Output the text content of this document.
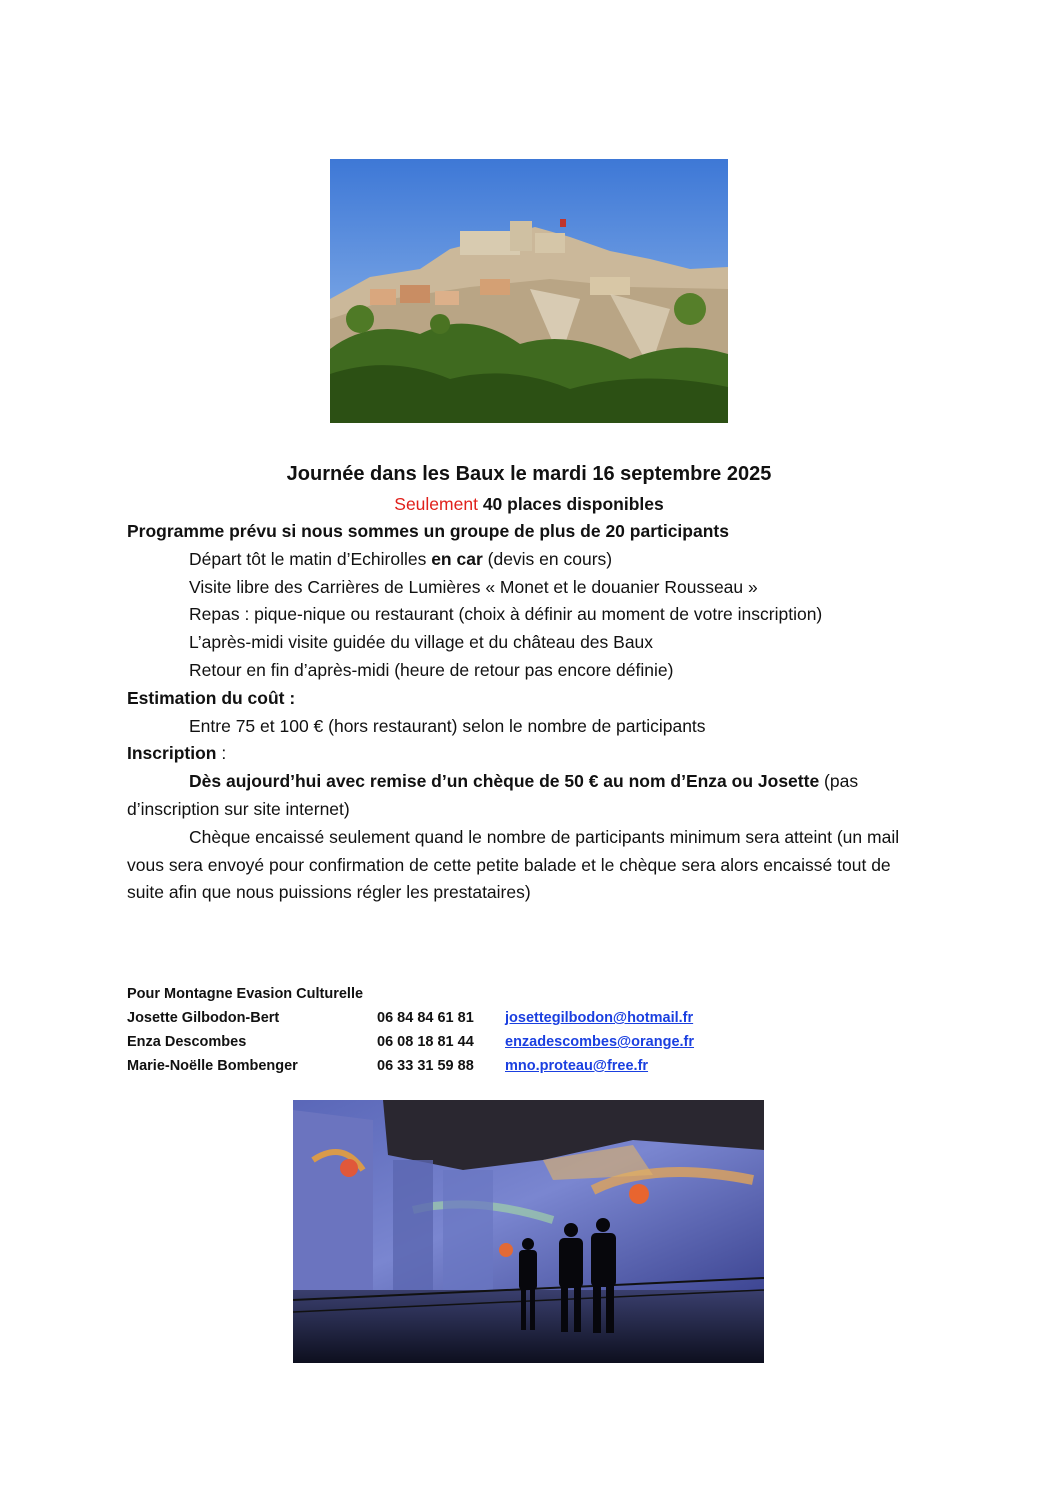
Journée dans les Baux le mardi 16 septembre 2025
Seulement 40 places disponibles

Programme prévu si nous sommes un groupe de plus de 20 participants

Départ tôt le matin d’Echirolles en car (devis en cours)

Visite libre des Carrières de Lumières « Monet et le douanier Rousseau »

Repas : pique-nique ou restaurant (choix à définir au moment de votre inscription)

L’après-midi visite guidée du village et du château des Baux

Retour en fin d’après-midi (heure de retour pas encore définie)

Estimation du coût :

Entre 75 et 100 € (hors restaurant) selon le nombre de participants

Inscription :

Dès aujourd’hui avec remise d’un chèque de 50 € au nom d’Enza ou Josette (pas d’inscription sur site internet)

Chèque encaissé seulement quand le nombre de participants minimum sera atteint (un mail vous sera envoyé pour confirmation de cette petite balade et le chèque sera alors encaissé tout de suite afin que nous puissions régler les prestataires)

Pour Montagne Evasion Culturelle
Josette Gilbodon-Bert	06 84 84 61 81	josettegilbodon@hotmail.fr
Enza Descombes	06 08 18 81 44	enzadescombes@orange.fr
Marie-Noëlle Bombenger	06 33 31 59 88	mno.proteau@free.fr
